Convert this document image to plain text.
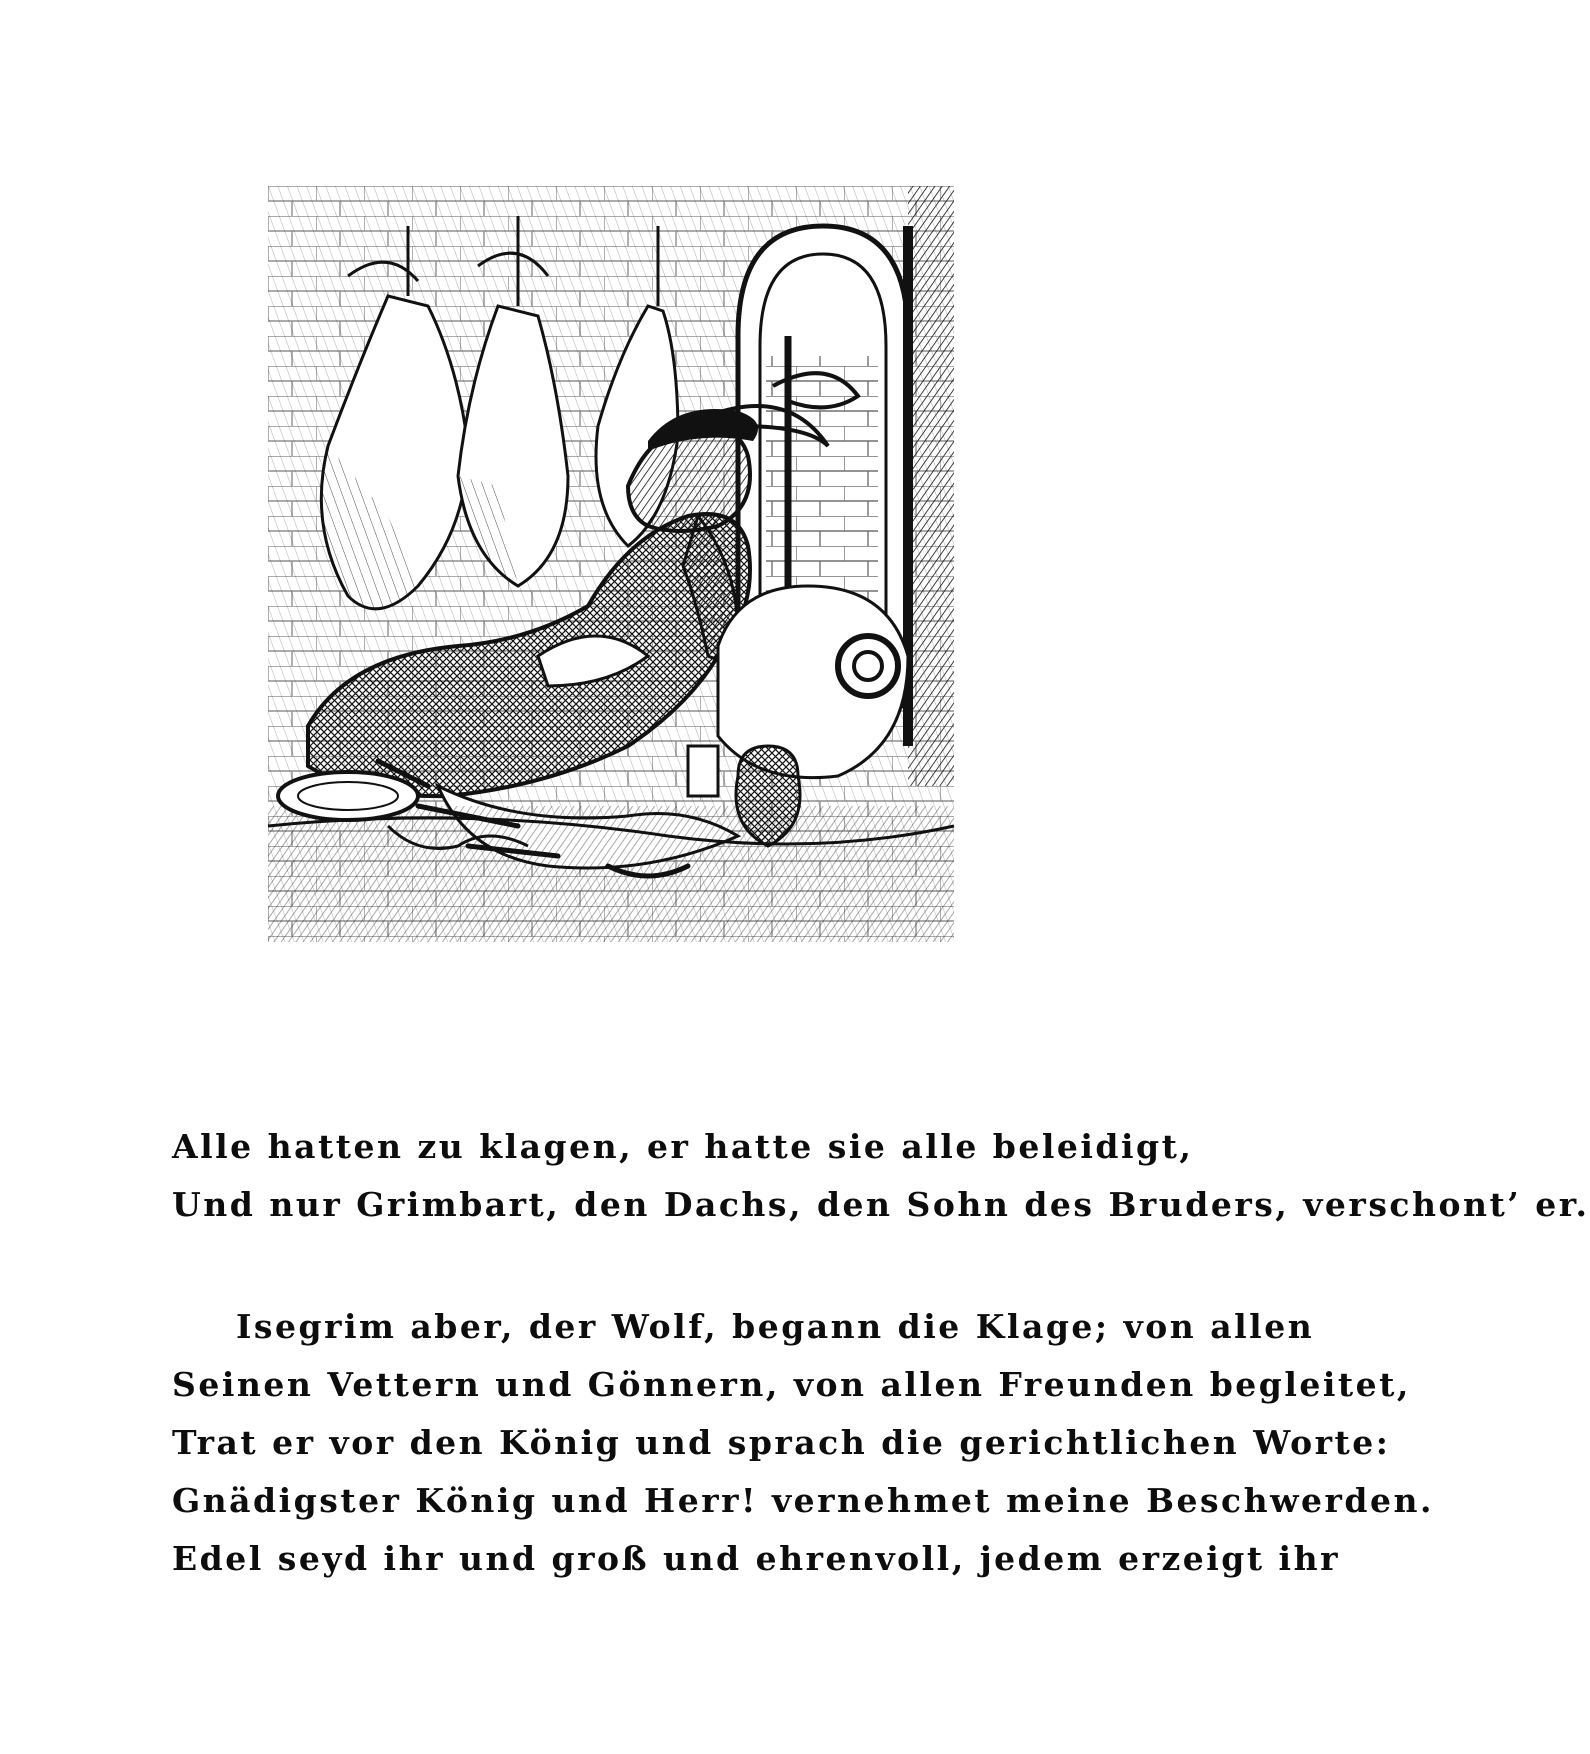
Alle hatten zu klagen, er hatte sie alle beleidigt,
Und nur Grimbart, den Dachs, den Sohn des Bruders, verschont’ er.
Isegrim aber, der Wolf, begann die Klage; von allen
Seinen Vettern und Gönnern, von allen Freunden begleitet,
Trat er vor den König und sprach die gerichtlichen Worte:
Gnädigster König und Herr! vernehmet meine Beschwerden.
Edel seyd ihr und groß und ehrenvoll, jedem erzeigt ihr
